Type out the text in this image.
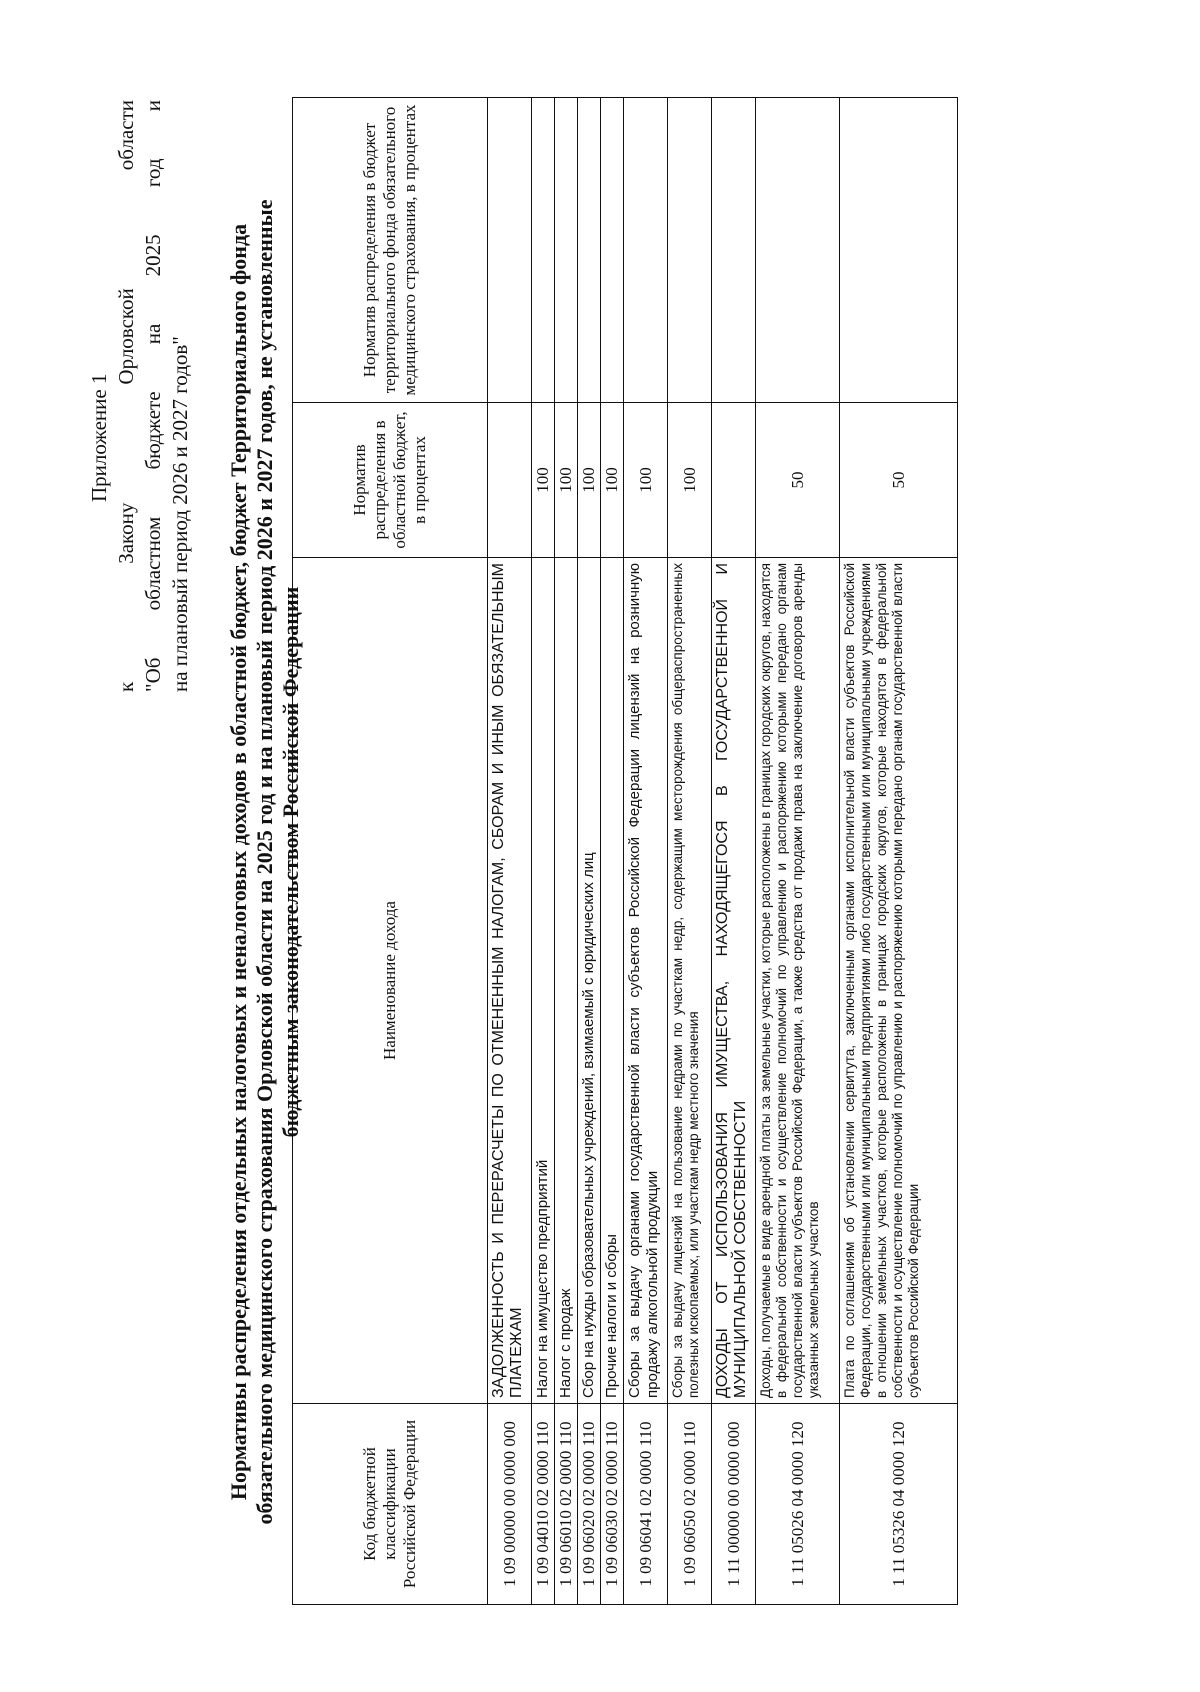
Приложение 1 к Закону Орловской области "Об областном бюджете на 2025 год и на плановый период 2026 и 2027 годов" Нормативы распределения отдельных налоговых и неналоговых доходов в областной бюджет, бюджет Территориального фонда обязательного медицинского страхования Орловской области на 2025 год и на плановый период 2026 и 2027 годов, не установленные бюджетным законодательством Российской Федерации
Код бюджетной классификации Российской Федерации	Наименование дохода	Норматив распределения в областной бюджет, в процентах	Норматив распределения в бюджет территориального фонда обязательного медицинского страхования, в процентах
1 09 00000 00 0000 000	ЗАДОЛЖЕННОСТЬ И ПЕРЕРАСЧЕТЫ ПО ОТМЕНЕННЫМ НАЛОГАМ, СБОРАМ И ИНЫМ ОБЯЗАТЕЛЬНЫМ ПЛАТЕЖАМ		
1 09 04010 02 0000 110	Налог на имущество предприятий	100	
1 09 06010 02 0000 110	Налог с продаж	100	
1 09 06020 02 0000 110	Сбор на нужды образовательных учреждений, взимаемый с юридических лиц	100	
1 09 06030 02 0000 110	Прочие налоги и сборы	100	
1 09 06041 02 0000 110	Сборы за выдачу органами государственной власти субъектов Российской Федерации лицензий на розничную продажу алкогольной продукции	100	
1 09 06050 02 0000 110	Сборы за выдачу лицензий на пользование недрами по участкам недр, содержащим месторождения общераспространенных полезных ископаемых, или участкам недр местного значения	100	
1 11 00000 00 0000 000	ДОХОДЫ ОТ ИСПОЛЬЗОВАНИЯ ИМУЩЕСТВА, НАХОДЯЩЕГОСЯ В ГОСУДАРСТВЕННОЙ И МУНИЦИПАЛЬНОЙ СОБСТВЕННОСТИ		
1 11 05026 04 0000 120	Доходы, получаемые в виде арендной платы за земельные участки, которые расположены в границах городских округов, находятся в федеральной собственности и осуществление полномочий по управлению и распоряжению которыми передано органам государственной власти субъектов Российской Федерации, а также средства от продажи права на заключение договоров аренды указанных земельных участков	50	
1 11 05326 04 0000 120	Плата по соглашениям об установлении сервитута, заключенным органами исполнительной власти субъектов Российской Федерации, государственными или муниципальными предприятиями либо государственными или муниципальными учреждениями в отношении земельных участков, которые расположены в границах городских округов, которые находятся в федеральной собственности и осуществление полномочий по управлению и распоряжению которыми передано органам государственной власти субъектов Российской Федерации	50	
